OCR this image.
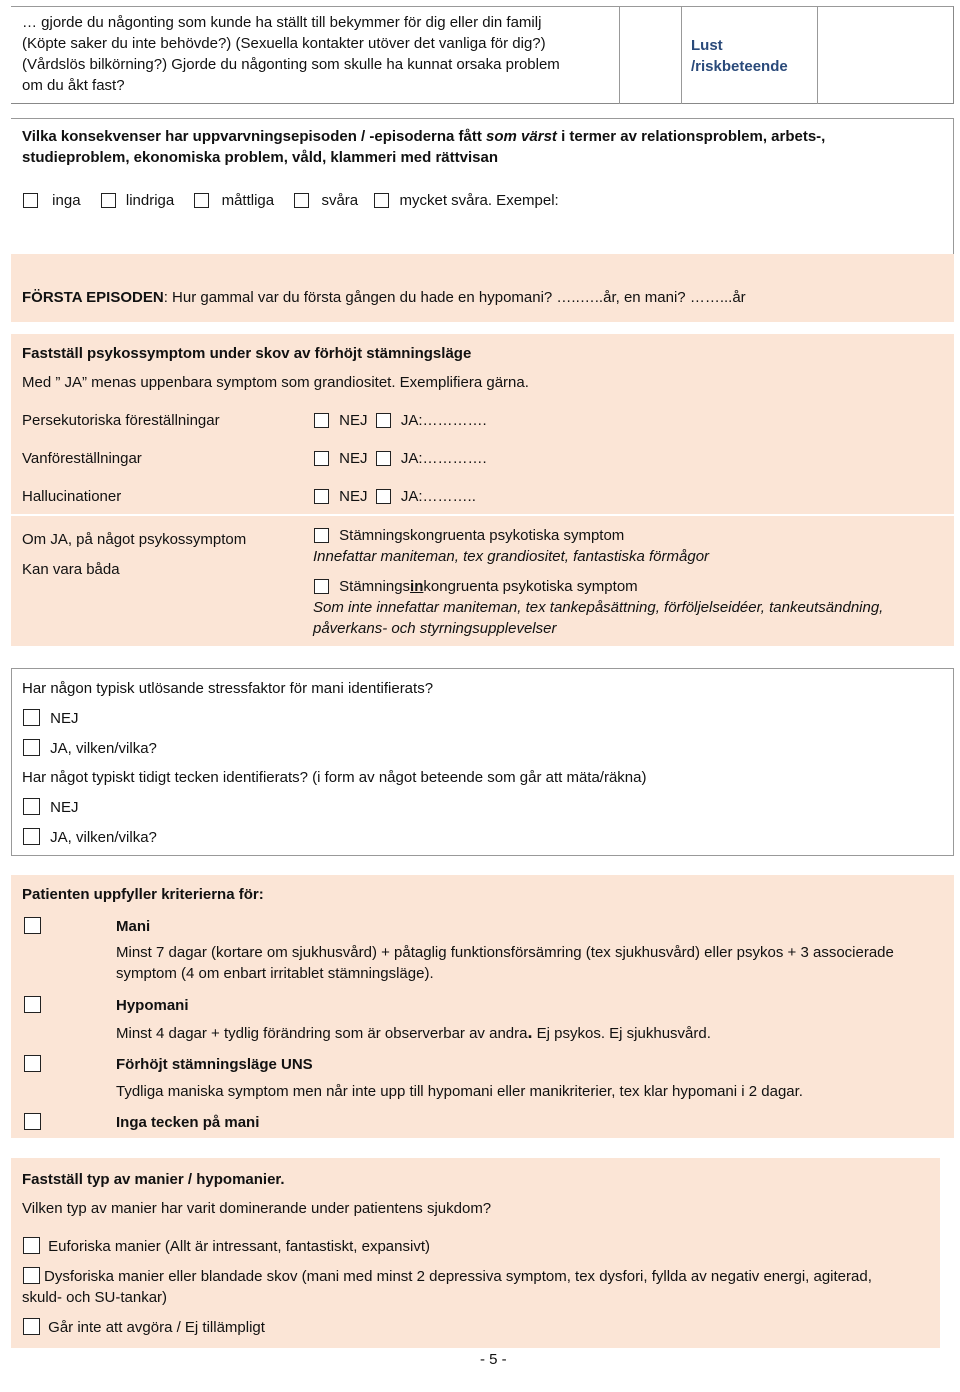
… gjorde du någonting som kunde ha ställt till bekymmer för dig eller din familj
(Köpte saker du inte behövde?) (Sexuella kontakter utöver det vanliga för dig?)
(Vårdslös bilkörning?) Gjorde du någonting som skulle ha kunnat orsaka problem
om du åkt fast?
Lust
/riskbeteende
Vilka konsekvenser har uppvarvningsepisoden / -episoderna fått som värst i termer av relationsproblem, arbets-,
studieproblem, ekonomiska problem, våld, klammeri med rättvisan
inga	lindriga	måttliga	svåra	mycket svåra. Exempel:
FÖRSTA EPISODEN: Hur gammal var du första gången du hade en hypomani? …..…..år, en mani? ……...år
Fastställ psykossymptom under skov av förhöjt stämningsläge
Med ” JA” menas uppenbara symptom som grandiositet. Exemplifiera gärna.
Persekutoriska föreställningar	NEJ JA:………….
Vanföreställningar	NEJ JA:………….
Hallucinationer	NEJ JA:………..
Om JA, på något psykossymptom
Kan vara båda
Stämningskongruenta psykotiska symptom
Innefattar maniteman, tex grandiositet, fantastiska förmågor
Stämningsinkongruenta psykotiska symptom
Som inte innefattar maniteman, tex tankepåsättning, förföljelseidéer, tankeutsändning,
påverkans- och styrningsupplevelser
Har någon typisk utlösande stressfaktor för mani identifierats?
NEJ
JA, vilken/vilka?
Har något typiskt tidigt tecken identifierats? (i form av något beteende som går att mäta/räkna)
NEJ
JA, vilken/vilka?
Patienten uppfyller kriterierna för:
Mani
Minst 7 dagar (kortare om sjukhusvård) + påtaglig funktionsförsämring (tex sjukhusvård) eller psykos + 3 associerade
symptom (4 om enbart irritablet stämningsläge).
Hypomani
Minst 4 dagar + tydlig förändring som är observerbar av andra. Ej psykos. Ej sjukhusvård.
Förhöjt stämningsläge UNS
Tydliga maniska symptom men når inte upp till hypomani eller manikriterier, tex klar hypomani i 2 dagar.
Inga tecken på mani
Fastställ typ av manier / hypomanier.
Vilken typ av manier har varit dominerande under patientens sjukdom?
Euforiska manier (Allt är intressant, fantastiskt, expansivt)
Dysforiska manier eller blandade skov (mani med minst 2 depressiva symptom, tex dysfori, fyllda av negativ energi, agiterad,
skuld- och SU-tankar)
Går inte att avgöra / Ej tillämpligt
- 5 -
